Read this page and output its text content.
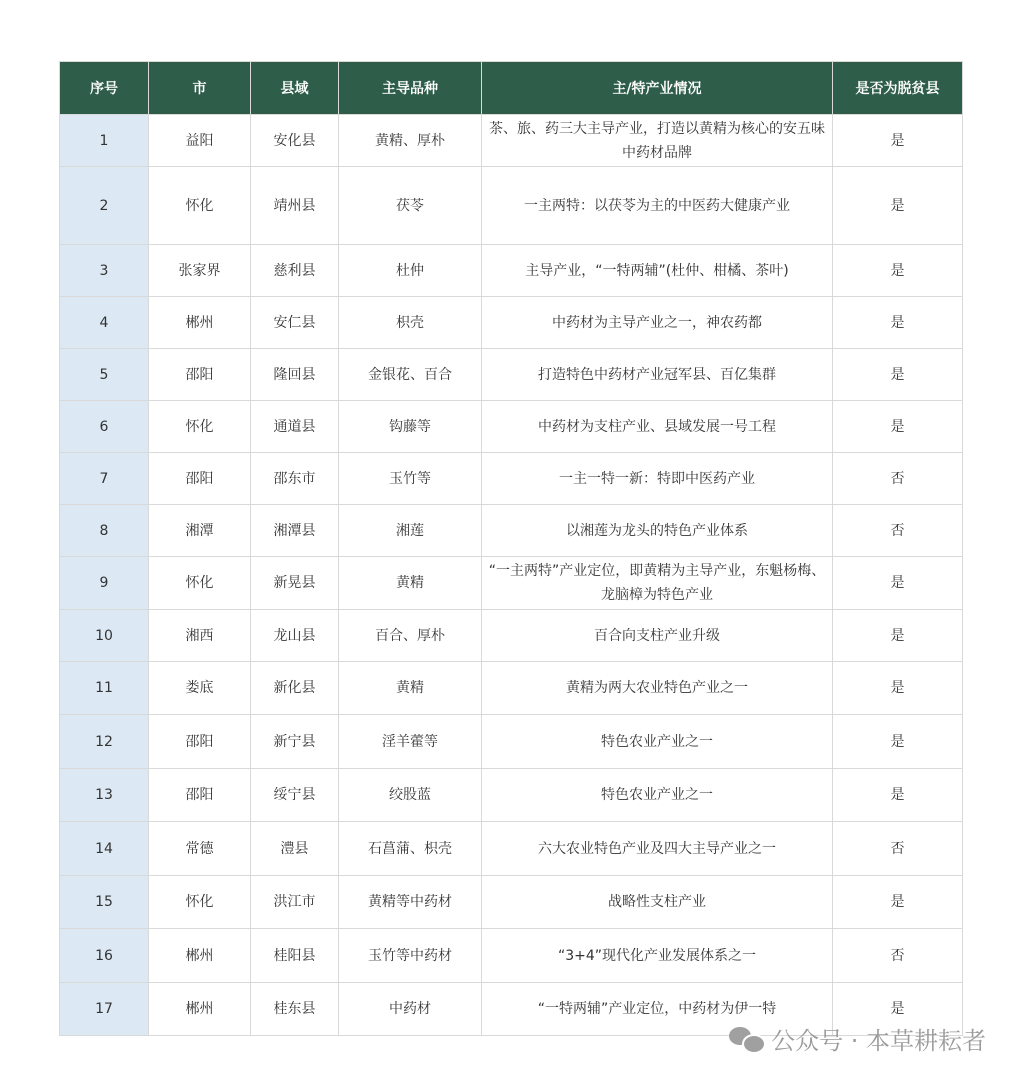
序号	市	县域	主导品种	主/特产业情况	是否为脱贫县
1	益阳	安化县	黄精、厚朴	茶、旅、药三大主导产业，打造以黄精为核心的安五味中药材品牌	是
2	怀化	靖州县	茯苓	一主两特：以茯苓为主的中医药大健康产业	是
3	张家界	慈利县	杜仲	主导产业，“一特两辅”(杜仲、柑橘、茶叶)	是
4	郴州	安仁县	枳壳	中药材为主导产业之一，神农药都	是
5	邵阳	隆回县	金银花、百合	打造特色中药材产业冠军县、百亿集群	是
6	怀化	通道县	钩藤等	中药材为支柱产业、县域发展一号工程	是
7	邵阳	邵东市	玉竹等	一主一特一新：特即中医药产业	否
8	湘潭	湘潭县	湘莲	以湘莲为龙头的特色产业体系	否
9	怀化	新晃县	黄精	“一主两特”产业定位，即黄精为主导产业，东魁杨梅、龙脑樟为特色产业	是
10	湘西	龙山县	百合、厚朴	百合向支柱产业升级	是
11	娄底	新化县	黄精	黄精为两大农业特色产业之一	是
12	邵阳	新宁县	淫羊藿等	特色农业产业之一	是
13	邵阳	绥宁县	绞股蓝	特色农业产业之一	是
14	常德	澧县	石菖蒲、枳壳	六大农业特色产业及四大主导产业之一	否
15	怀化	洪江市	黄精等中药材	战略性支柱产业	是
16	郴州	桂阳县	玉竹等中药材	“3+4”现代化产业发展体系之一	否
17	郴州	桂东县	中药材	“一特两辅”产业定位，中药材为伊一特	是
公众号 · 本草耕耘者
